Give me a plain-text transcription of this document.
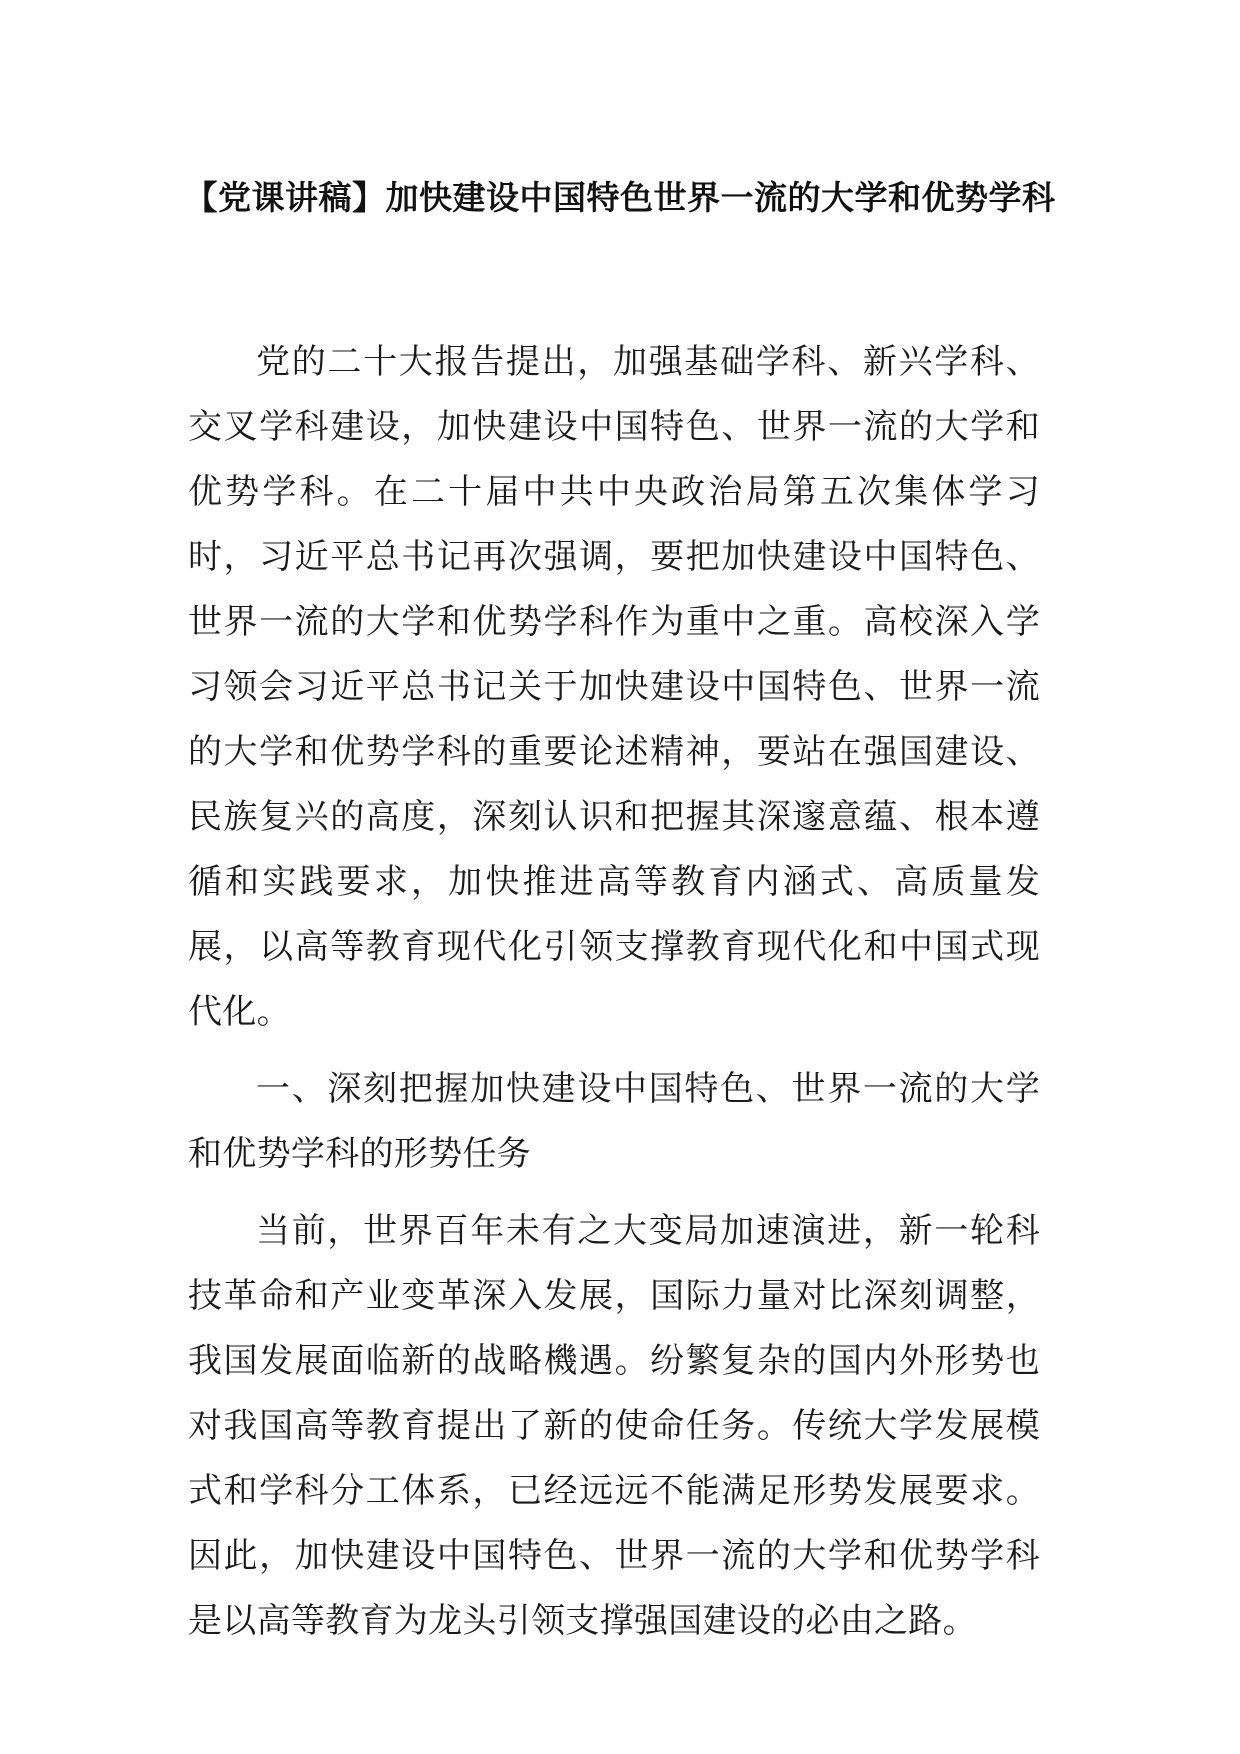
【党课讲稿】加快建设中国特色世界一流的大学和优势学科

党的二十大报告提出，加强基础学科、新兴学科、交叉学科建设，加快建设中国特色、世界一流的大学和优势学科。在二十届中共中央政治局第五次集体学习时，习近平总书记再次强调，要把加快建设中国特色、世界一流的大学和优势学科作为重中之重。高校深入学习领会习近平总书记关于加快建设中国特色、世界一流的大学和优势学科的重要论述精神，要站在强国建设、民族复兴的高度，深刻认识和把握其深邃意蕴、根本遵循和实践要求，加快推进高等教育内涵式、高质量发展，以高等教育现代化引领支撑教育现代化和中国式现代化。

一、深刻把握加快建设中国特色、世界一流的大学和优势学科的形势任务

当前，世界百年未有之大变局加速演进，新一轮科技革命和产业变革深入发展，国际力量对比深刻调整，我国发展面临新的战略機遇。纷繁复杂的国内外形势也对我国高等教育提出了新的使命任务。传统大学发展模式和学科分工体系，已经远远不能满足形势发展要求。因此，加快建设中国特色、世界一流的大学和优势学科是以高等教育为龙头引领支撑强国建设的必由之路。
